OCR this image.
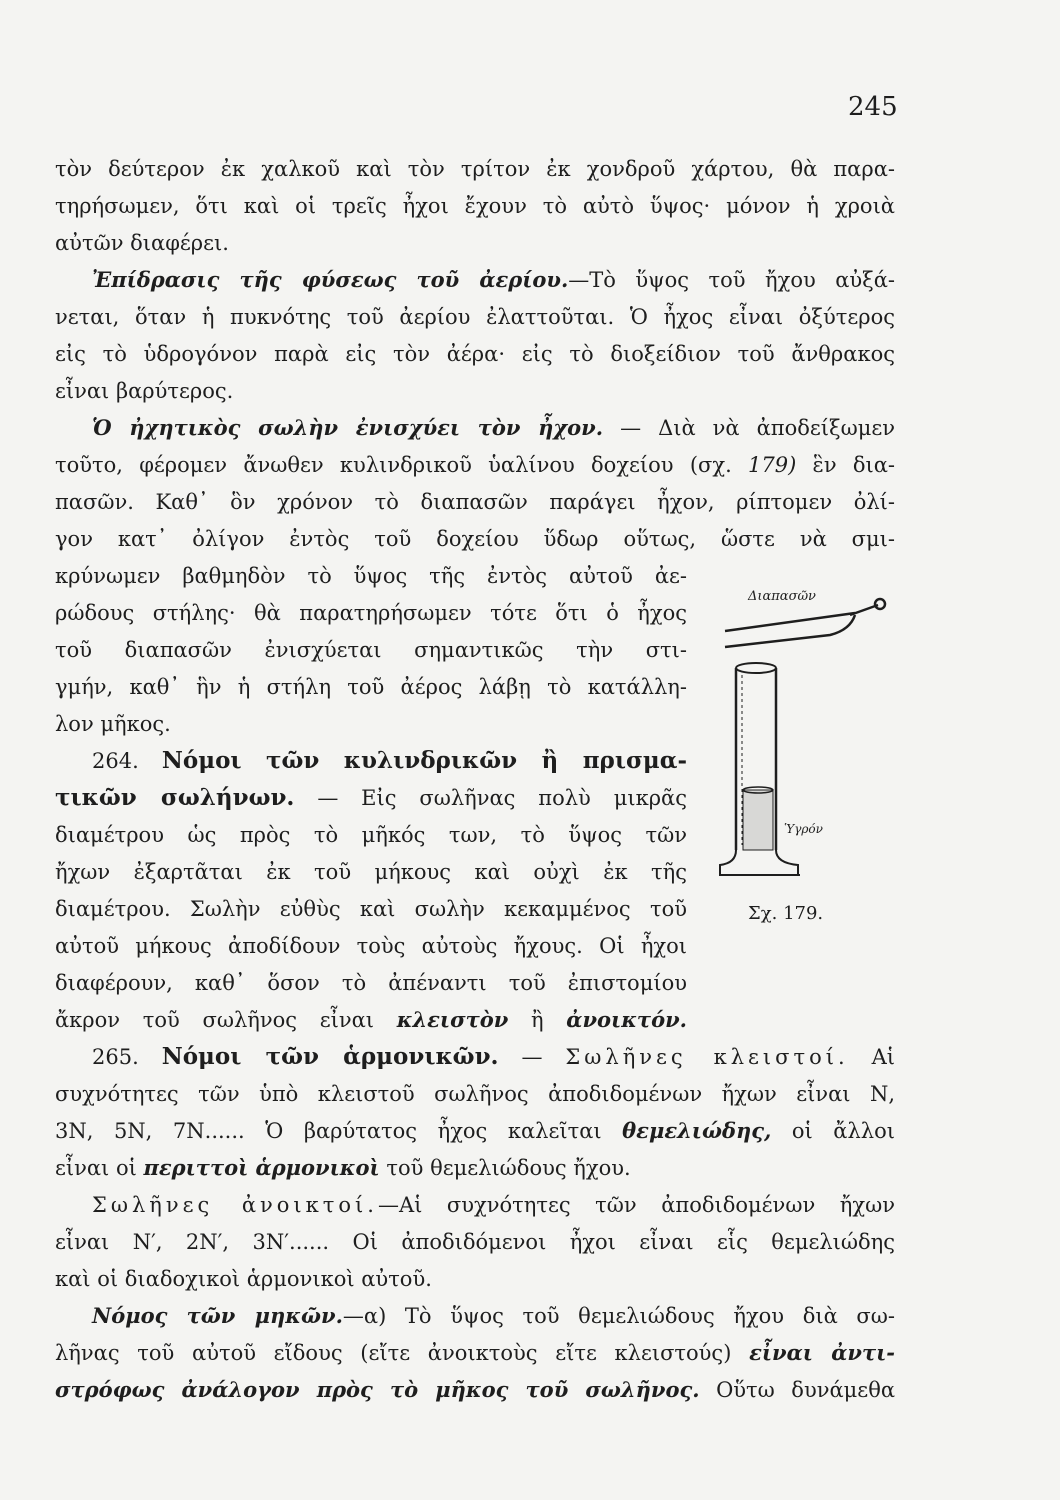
245
τὸν δεύτερον ἐκ χαλκοῦ καὶ τὸν τρίτον ἐκ χονδροῦ χάρτου, θὰ παρα-
τηρήσωμεν, ὅτι καὶ οἱ τρεῖς ἦχοι ἔχουν τὸ αὐτὸ ὕψος· μόνον ἡ χροιὰ
αὐτῶν διαφέρει.
Ἐπίδρασις τῆς φύσεως τοῦ ἀερίου.—Τὸ ὕψος τοῦ ἤχου αὐξά-
νεται, ὅταν ἡ πυκνότης τοῦ ἀερίου ἐλαττοῦται. Ὁ ἦχος εἶναι ὀξύτερος
εἰς τὸ ὑδρογόνον παρὰ εἰς τὸν ἀέρα· εἰς τὸ διοξείδιον τοῦ ἄνθρακος
εἶναι βαρύτερος.
Ὁ ἠχητικὸς σωλὴν ἐνισχύει τὸν ἦχον. — Διὰ νὰ ἀποδείξωμεν
τοῦτο, φέρομεν ἄνωθεν κυλινδρικοῦ ὑαλίνου δοχείου (σχ. 179) ἓν δια-
πασῶν. Καθ᾽ ὃν χρόνον τὸ διαπασῶν παράγει ἦχον, ρίπτομεν ὀλί-
γον κατ᾽ ὀλίγον ἐντὸς τοῦ δοχείου ὕδωρ οὕτως, ὥστε νὰ σμι-
κρύνωμεν βαθμηδὸν τὸ ὕψος τῆς ἐντὸς αὐτοῦ ἀε-
ρώδους στήλης· θὰ παρατηρήσωμεν τότε ὅτι ὁ ἦχος
τοῦ διαπασῶν ἐνισχύεται σημαντικῶς τὴν στι-
γμήν, καθ᾽ ἣν ἡ στήλη τοῦ ἀέρος λάβῃ τὸ κατάλλη-
λον μῆκος.
264. Νόμοι τῶν κυλινδρικῶν ἢ πρισμα-
τικῶν σωλήνων. — Εἰς σωλῆνας πολὺ μικρᾶς
διαμέτρου ὡς πρὸς τὸ μῆκός των, τὸ ὕψος τῶν
ἤχων ἐξαρτᾶται ἐκ τοῦ μήκους καὶ οὐχὶ ἐκ τῆς
διαμέτρου. Σωλὴν εὐθὺς καὶ σωλὴν κεκαμμένος τοῦ
αὐτοῦ μήκους ἀποδίδουν τοὺς αὐτοὺς ἤχους. Οἱ ἦχοι
διαφέρουν, καθ᾽ ὅσον τὸ ἀπέναντι τοῦ ἐπιστομίου
ἄκρον τοῦ σωλῆνος εἶναι κλειστὸν ἢ ἀνοικτόν.
265. Νόμοι τῶν ἁρμονικῶν. — Σωλῆνες κλειστοί. Αἱ
συχνότητες τῶν ὑπὸ κλειστοῦ σωλῆνος ἀποδιδομένων ἤχων εἶναι Ν,
3Ν, 5Ν, 7Ν...... Ὁ βαρύτατος ἦχος καλεῖται θεμελιώδης, οἱ ἄλλοι
εἶναι οἱ περιττοὶ ἁρμονικοὶ τοῦ θεμελιώδους ἤχου.
Σωλῆνες ἀνοικτοί.—Αἱ συχνότητες τῶν ἀποδιδομένων ἤχων
εἶναι Ν′, 2Ν′, 3Ν′...... Οἱ ἀποδιδόμενοι ἦχοι εἶναι εἷς θεμελιώδης
καὶ οἱ διαδοχικοὶ ἁρμονικοὶ αὐτοῦ.
Νόμος τῶν μηκῶν.—α) Τὸ ὕψος τοῦ θεμελιώδους ἤχου διὰ σω-
λῆνας τοῦ αὐτοῦ εἴδους (εἴτε ἀνοικτοὺς εἴτε κλειστούς) εἶναι ἀντι-
στρόφως ἀνάλογον πρὸς τὸ μῆκος τοῦ σωλῆνος. Οὕτω δυνάμεθα
Διαπασῶν
Ὑγρόν
Σχ. 179.
